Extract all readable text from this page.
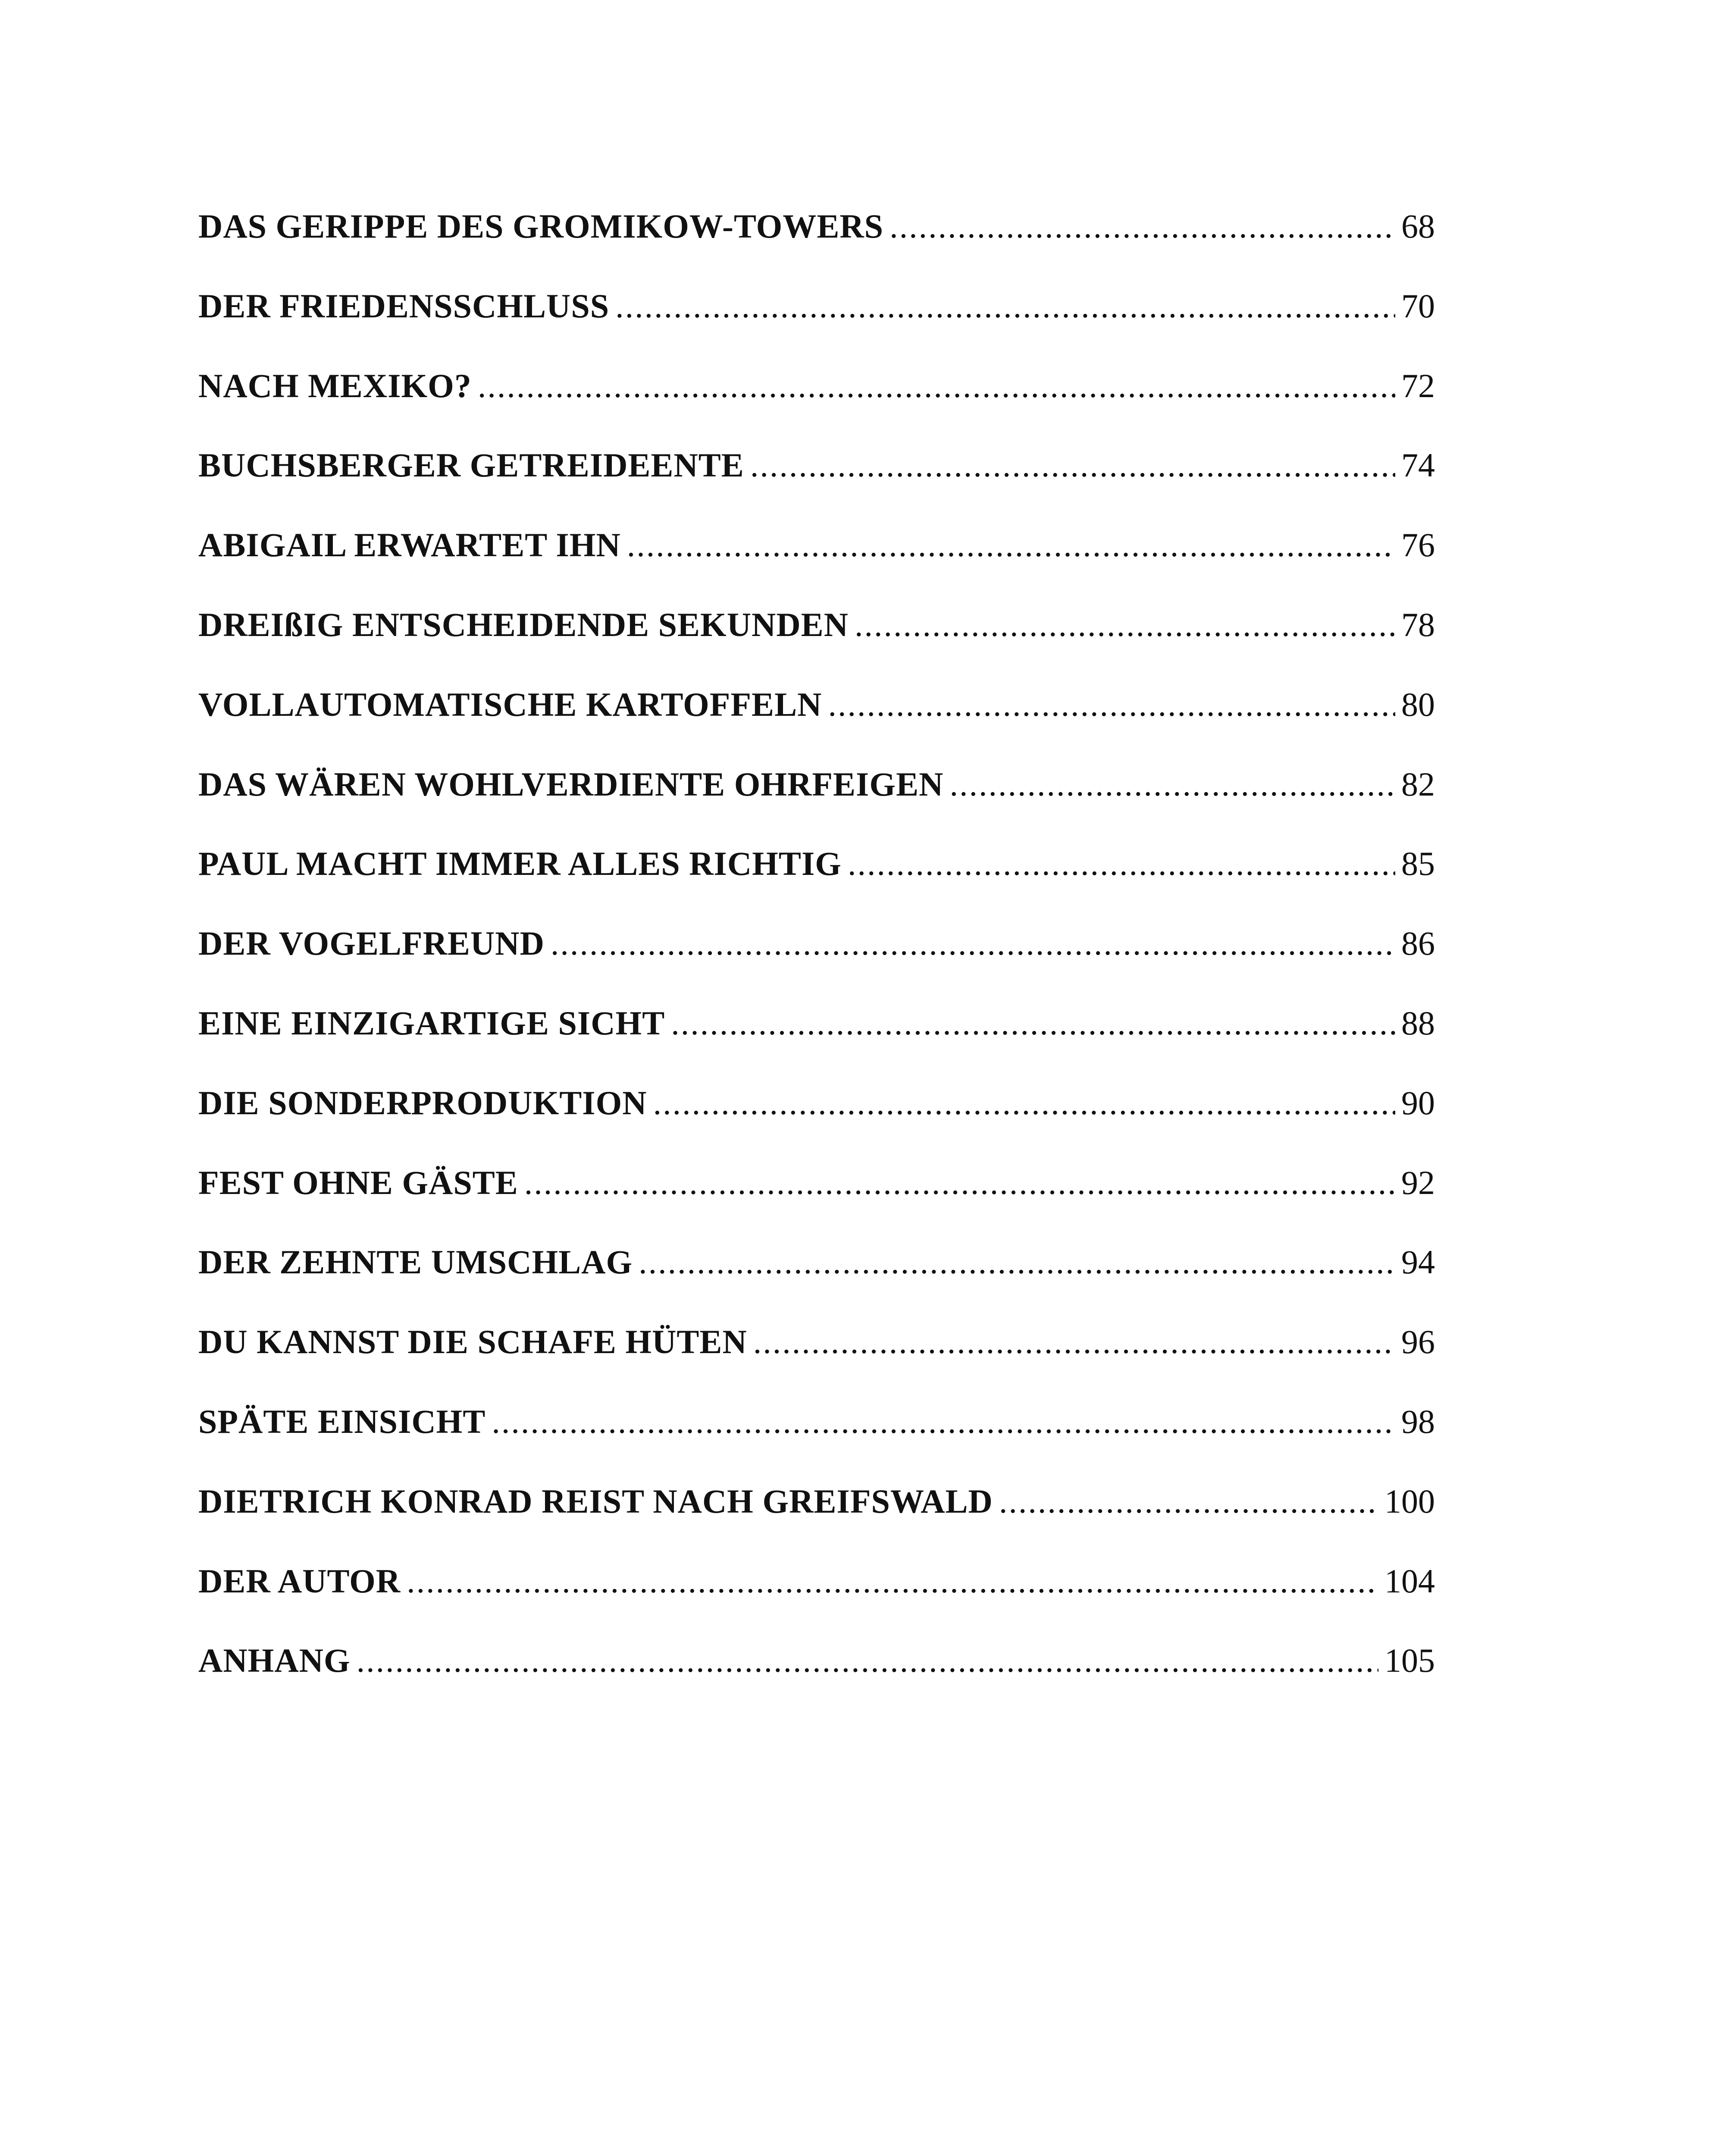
DAS GERIPPE DES GROMIKOW-TOWERS .....	68
DER FRIEDENSSCHLUSS .....	70
NACH MEXIKO? .....	72
BUCHSBERGER GETREIDEENTE .....	74
ABIGAIL ERWARTET IHN .....	76
DREIßIG ENTSCHEIDENDE SEKUNDEN .....	78
VOLLAUTOMATISCHE KARTOFFELN .....	80
DAS WÄREN WOHLVERDIENTE OHRFEIGEN .....	82
PAUL MACHT IMMER ALLES RICHTIG .....	85
DER VOGELFREUND .....	86
EINE EINZIGARTIGE SICHT .....	88
DIE SONDERPRODUKTION .....	90
FEST OHNE GÄSTE .....	92
DER ZEHNTE UMSCHLAG .....	94
DU KANNST DIE SCHAFE HÜTEN .....	96
SPÄTE EINSICHT .....	98
DIETRICH KONRAD REIST NACH GREIFSWALD .....	100
DER AUTOR .....	104
ANHANG .....	105
